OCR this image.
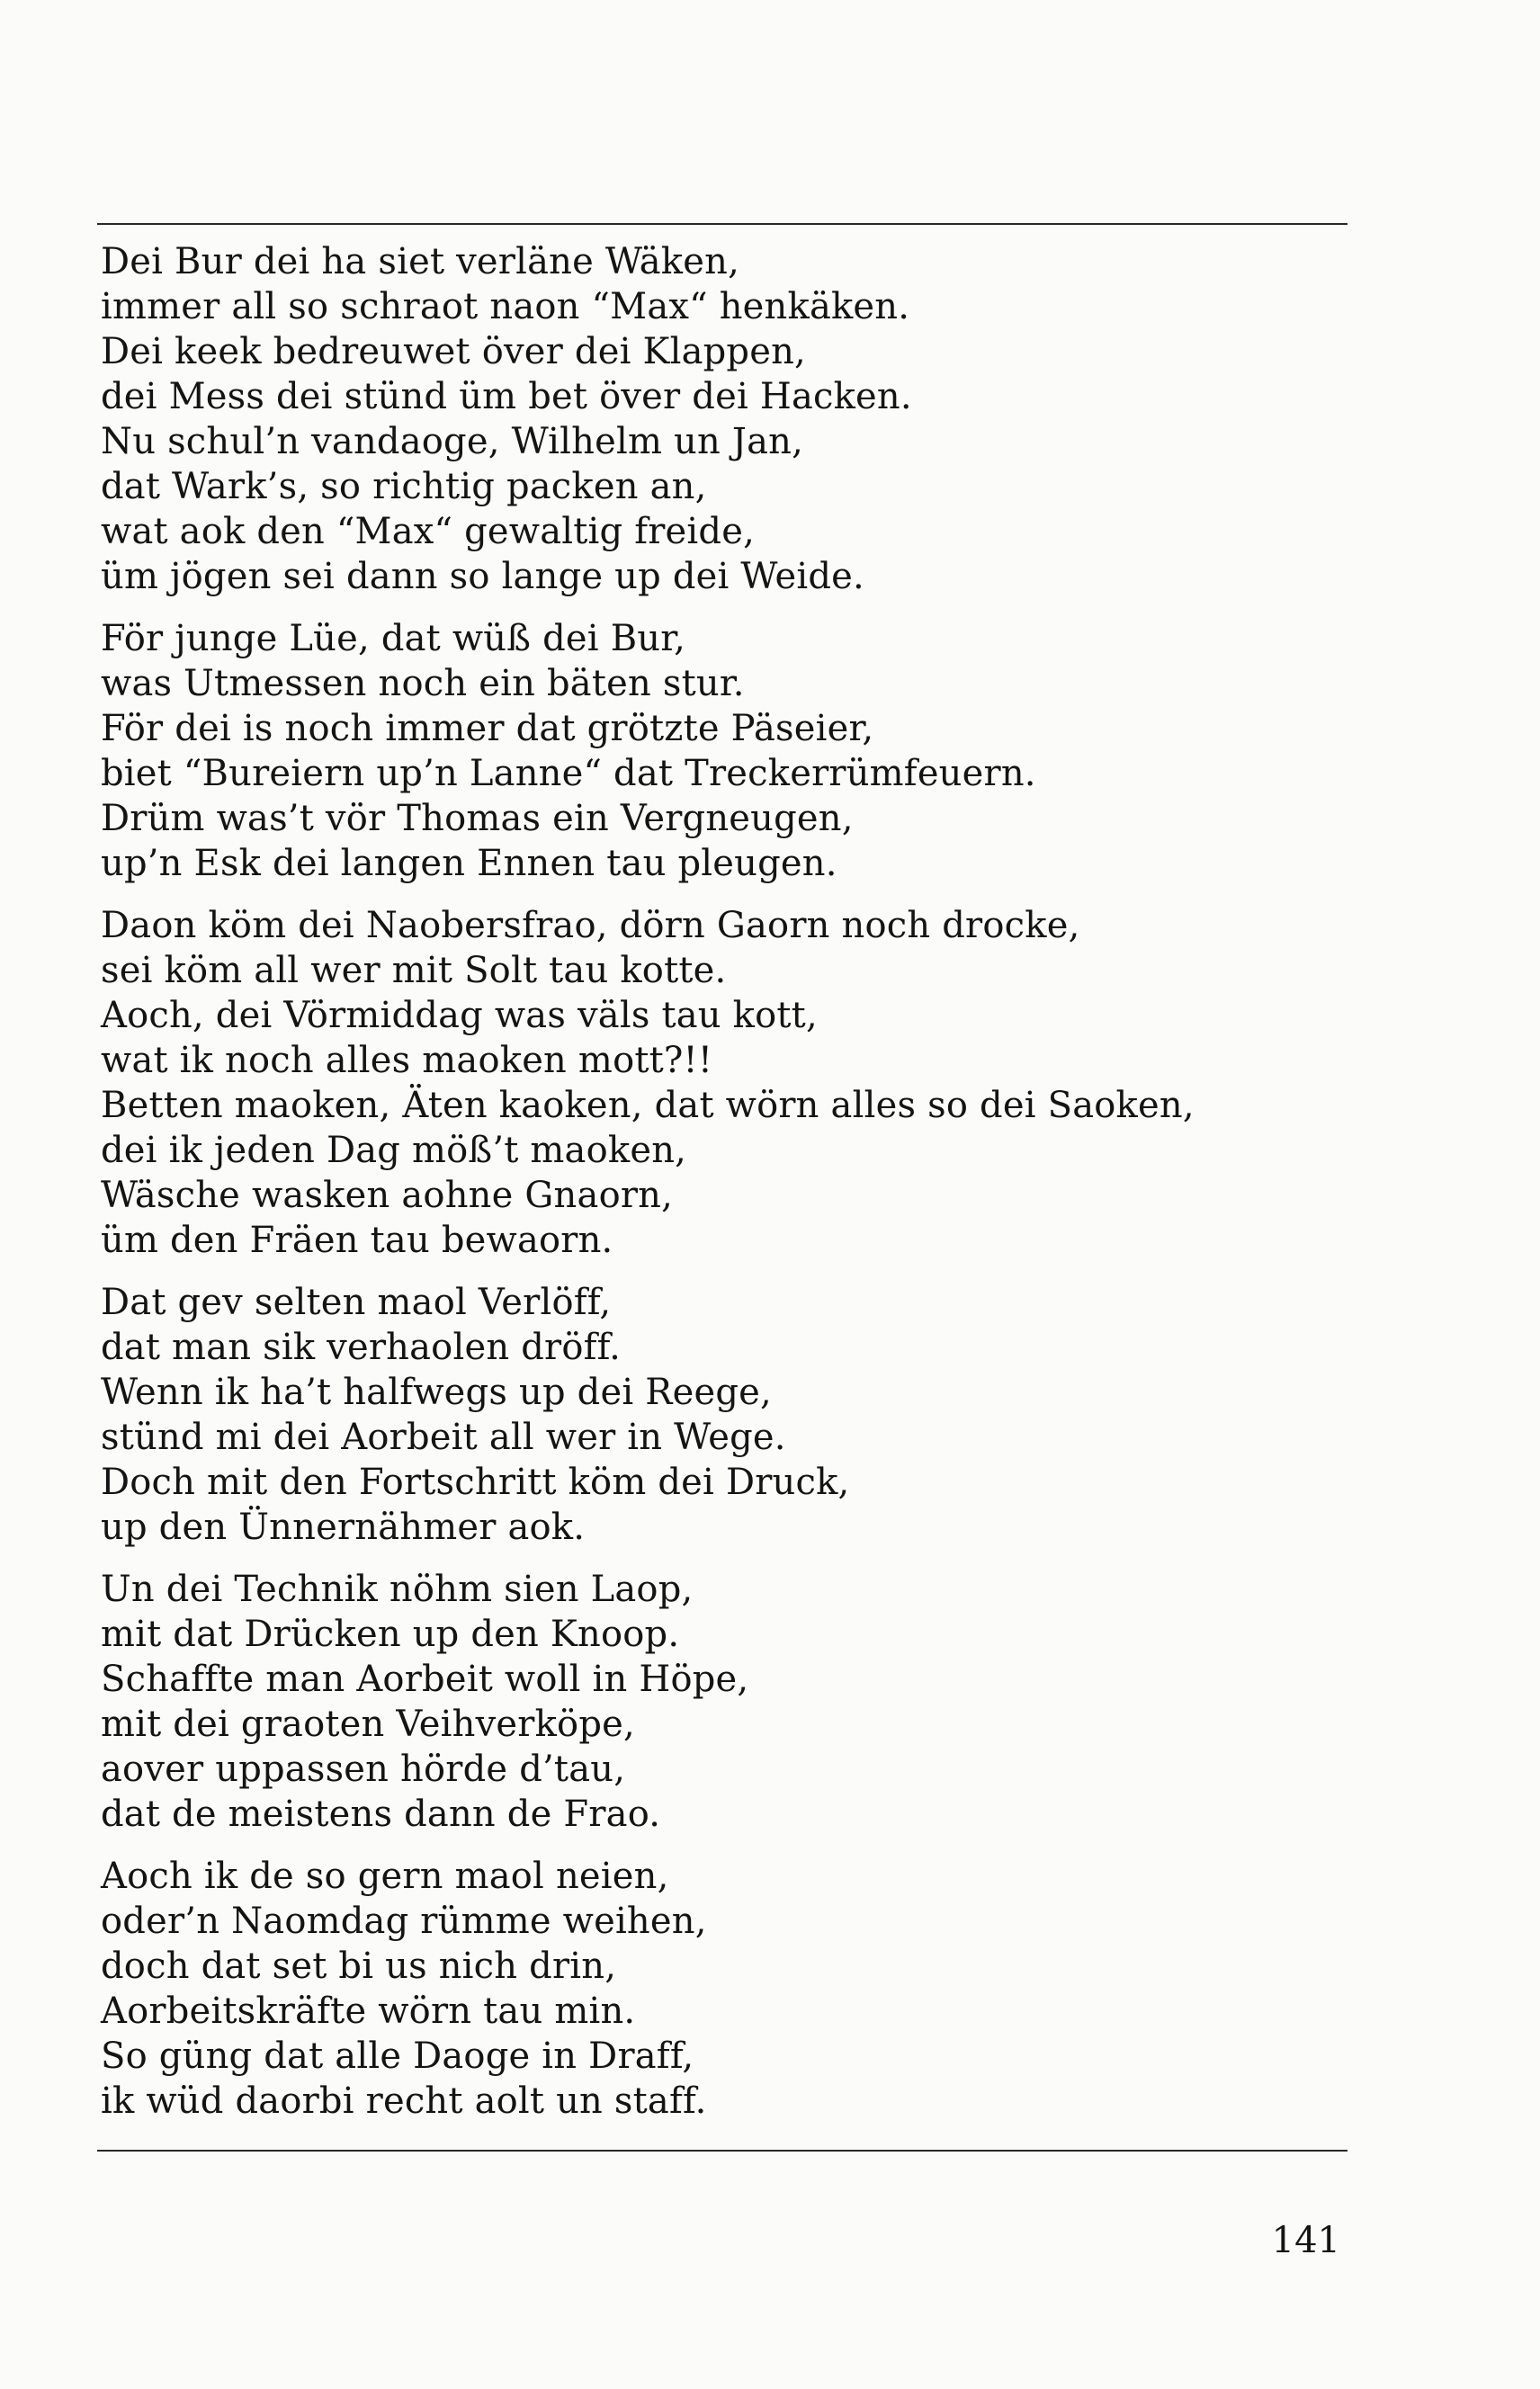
Dei Bur dei ha siet verläne Wäken,
immer all so schraot naon “Max“ henkäken.
Dei keek bedreuwet över dei Klappen,
dei Mess dei stünd üm bet över dei Hacken.
Nu schul’n vandaoge, Wilhelm un Jan,
dat Wark’s, so richtig packen an,
wat aok den “Max“ gewaltig freide,
üm jögen sei dann so lange up dei Weide.
För junge Lüe, dat wüß dei Bur,
was Utmessen noch ein bäten stur.
För dei is noch immer dat grötzte Päseier,
biet “Bureiern up’n Lanne“ dat Treckerrümfeuern.
Drüm was’t vör Thomas ein Vergneugen,
up’n Esk dei langen Ennen tau pleugen.
Daon köm dei Naobersfrao, dörn Gaorn noch drocke,
sei köm all wer mit Solt tau kotte.
Aoch, dei Vörmiddag was väls tau kott,
wat ik noch alles maoken mott?!!
Betten maoken, Äten kaoken, dat wörn alles so dei Saoken,
dei ik jeden Dag möß’t maoken,
Wäsche wasken aohne Gnaorn,
üm den Fräen tau bewaorn.
Dat gev selten maol Verlöff,
dat man sik verhaolen dröff.
Wenn ik ha’t halfwegs up dei Reege,
stünd mi dei Aorbeit all wer in Wege.
Doch mit den Fortschritt köm dei Druck,
up den Ünnernähmer aok.
Un dei Technik nöhm sien Laop,
mit dat Drücken up den Knoop.
Schaffte man Aorbeit woll in Höpe,
mit dei graoten Veihverköpe,
aover uppassen hörde d’tau,
dat de meistens dann de Frao.
Aoch ik de so gern maol neien,
oder’n Naomdag rümme weihen,
doch dat set bi us nich drin,
Aorbeitskräfte wörn tau min.
So güng dat alle Daoge in Draff,
ik wüd daorbi recht aolt un staff.
141
